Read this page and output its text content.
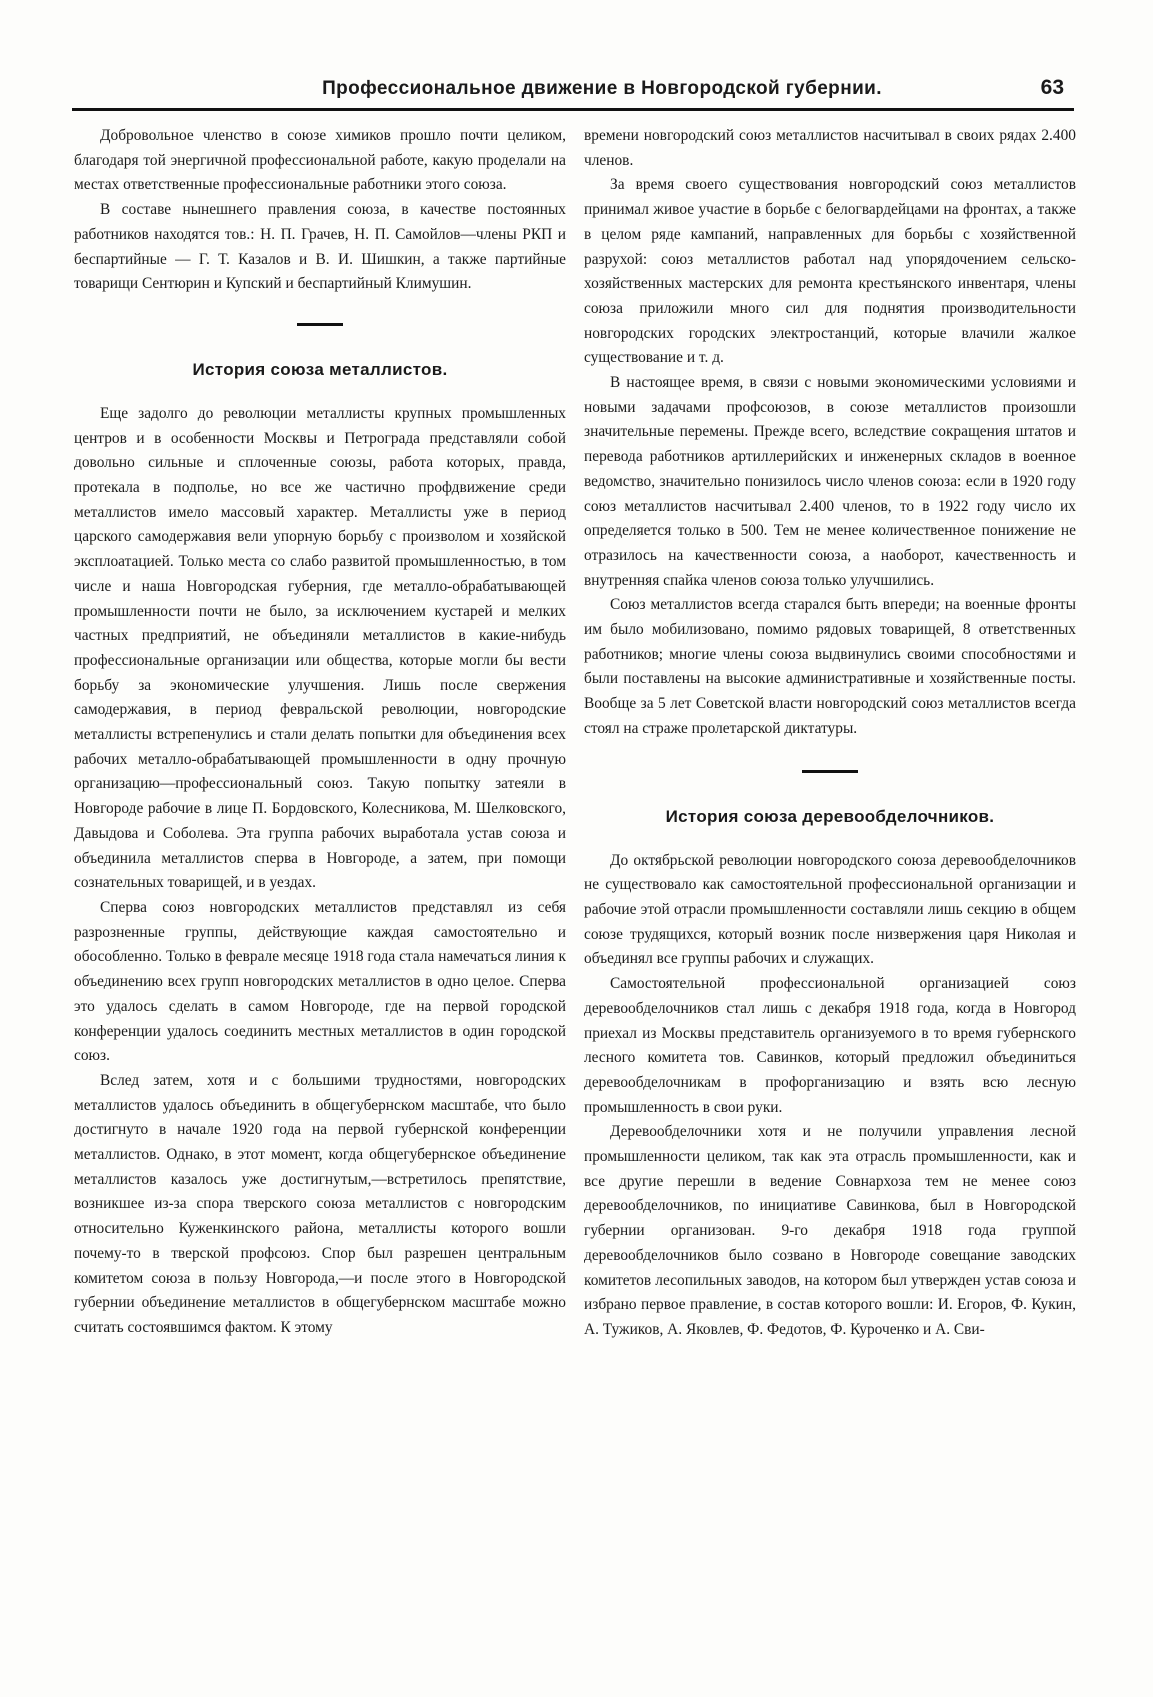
Профессиональное движение в Новгородской губернии.	63

Добровольное членство в союзе химиков прошло почти целиком, благодаря той энергичной профессиональной работе, какую проделали на местах ответственные профессиональные работники этого союза.

В составе нынешнего правления союза, в качестве постоянных работников находятся тов.: Н. П. Грачев, Н. П. Самойлов—члены РКП и беспартийные — Г. Т. Казалов и В. И. Шишкин, а также партийные товарищи Сентюрин и Купский и беспартийный Климушин.

История союза металлистов.

Еще задолго до революции металлисты крупных промышленных центров и в особенности Москвы и Петрограда представляли собой довольно сильные и сплоченные союзы, работа которых, правда, протекала в подполье, но все же частично профдвижение среди металлистов имело массовый характер. Металлисты уже в период царского самодержавия вели упорную борьбу с произволом и хозяйской эксплоатацией. Только места со слабо развитой промышленностью, в том числе и наша Новгородская губерния, где металло-обрабатывающей промышленности почти не было, за исключением кустарей и мелких частных предприятий, не объединяли металлистов в какие-нибудь профессиональные организации или общества, которые могли бы вести борьбу за экономические улучшения. Лишь после свержения самодержавия, в период февральской революции, новгородские металлисты встрепенулись и стали делать попытки для объединения всех рабочих металло-обрабатывающей промышленности в одну прочную организацию—профессиональный союз. Такую попытку затеяли в Новгороде рабочие в лице П. Бордовского, Колесникова, М. Шелковского, Давыдова и Соболева. Эта группа рабочих выработала устав союза и объединила металлистов сперва в Новгороде, а затем, при помощи сознательных товарищей, и в уездах.

Сперва союз новгородских металлистов представлял из себя разрозненные группы, действующие каждая самостоятельно и обособленно. Только в феврале месяце 1918 года стала намечаться линия к объединению всех групп новгородских металлистов в одно целое. Сперва это удалось сделать в самом Новгороде, где на первой городской конференции удалось соединить местных металлистов в один городской союз.

Вслед затем, хотя и с большими трудностями, новгородских металлистов удалось объединить в общегубернском масштабе, что было достигнуто в начале 1920 года на первой губернской конференции металлистов. Однако, в этот момент, когда общегубернское объединение металлистов казалось уже достигнутым,—встретилось препятствие, возникшее из-за спора тверского союза металлистов с новгородским относительно Куженкинского района, металлисты которого вошли почему-то в тверской профсоюз. Спор был разрешен центральным комитетом союза в пользу Новгорода,—и после этого в Новгородской губернии объединение металлистов в общегубернском масштабе можно считать состоявшимся фактом. К этому

времени новгородский союз металлистов насчитывал в своих рядах 2.400 членов.

За время своего существования новгородский союз металлистов принимал живое участие в борьбе с белогвардейцами на фронтах, а также в целом ряде кампаний, направленных для борьбы с хозяйственной разрухой: союз металлистов работал над упорядочением сельско-хозяйственных мастерских для ремонта крестьянского инвентаря, члены союза приложили много сил для поднятия производительности новгородских городских электростанций, которые влачили жалкое существование и т. д.

В настоящее время, в связи с новыми экономическими условиями и новыми задачами профсоюзов, в союзе металлистов произошли значительные перемены. Прежде всего, вследствие сокращения штатов и перевода работников артиллерийских и инженерных складов в военное ведомство, значительно понизилось число членов союза: если в 1920 году союз металлистов насчитывал 2.400 членов, то в 1922 году число их определяется только в 500. Тем не менее количественное понижение не отразилось на качественности союза, а наоборот, качественность и внутренняя спайка членов союза только улучшились.

Союз металлистов всегда старался быть впереди; на военные фронты им было мобилизовано, помимо рядовых товарищей, 8 ответственных работников; многие члены союза выдвинулись своими способностями и были поставлены на высокие административные и хозяйственные посты. Вообще за 5 лет Советской власти новгородский союз металлистов всегда стоял на страже пролетарской диктатуры.

История союза деревообделочников.

До октябрьской революции новгородского союза деревообделочников не существовало как самостоятельной профессиональной организации и рабочие этой отрасли промышленности составляли лишь секцию в общем союзе трудящихся, который возник после низвержения царя Николая и объединял все группы рабочих и служащих.

Самостоятельной профессиональной организацией союз деревообделочников стал лишь с декабря 1918 года, когда в Новгород приехал из Москвы представитель организуемого в то время губернского лесного комитета тов. Савинков, который предложил объединиться деревообделочникам в профорганизацию и взять всю лесную промышленность в свои руки.

Деревообделочники хотя и не получили управления лесной промышленности целиком, так как эта отрасль промышленности, как и все другие перешли в ведение Совнархоза тем не менее союз деревообделочников, по инициативе Савинкова, был в Новгородской губернии организован. 9-го декабря 1918 года группой деревообделочников было созвано в Новгороде совещание заводских комитетов лесопильных заводов, на котором был утвержден устав союза и избрано первое правление, в состав которого вошли: И. Егоров, Ф. Кукин, А. Тужиков, А. Яковлев, Ф. Федотов, Ф. Куроченко и А. Сви-
